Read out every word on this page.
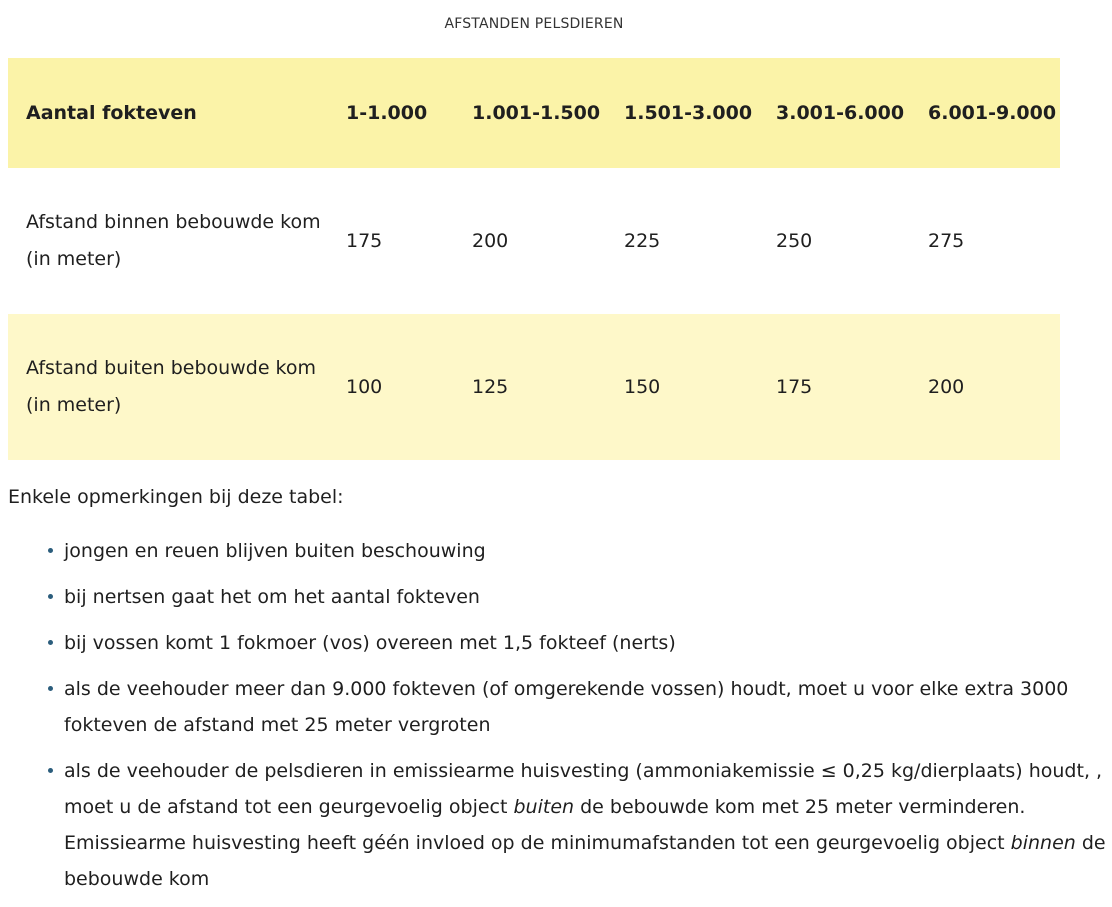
AFSTANDEN PELSDIEREN
Aantal fokteven	1-1.000	1.001-1.500	1.501-3.000	3.001-6.000	6.001-9.000
Afstand binnen bebouwde kom (in meter)	175	200	225	250	275
Afstand buiten bebouwde kom (in meter)	100	125	150	175	200
Enkele opmerkingen bij deze tabel:
jongen en reuen blijven buiten beschouwing
bij nertsen gaat het om het aantal fokteven
bij vossen komt 1 fokmoer (vos) overeen met 1,5 fokteef (nerts)
als de veehouder meer dan 9.000 fokteven (of omgerekende vossen) houdt, moet u voor elke extra 3000 fokteven de afstand met 25 meter vergroten
als de veehouder de pelsdieren in emissiearme huisvesting (ammoniakemissie ≤ 0,25 kg/dierplaats) houdt, , moet u de afstand tot een geurgevoelig object buiten de bebouwde kom met 25 meter verminderen. Emissiearme huisvesting heeft géén invloed op de minimumafstanden tot een geurgevoelig object binnen de bebouwde kom
